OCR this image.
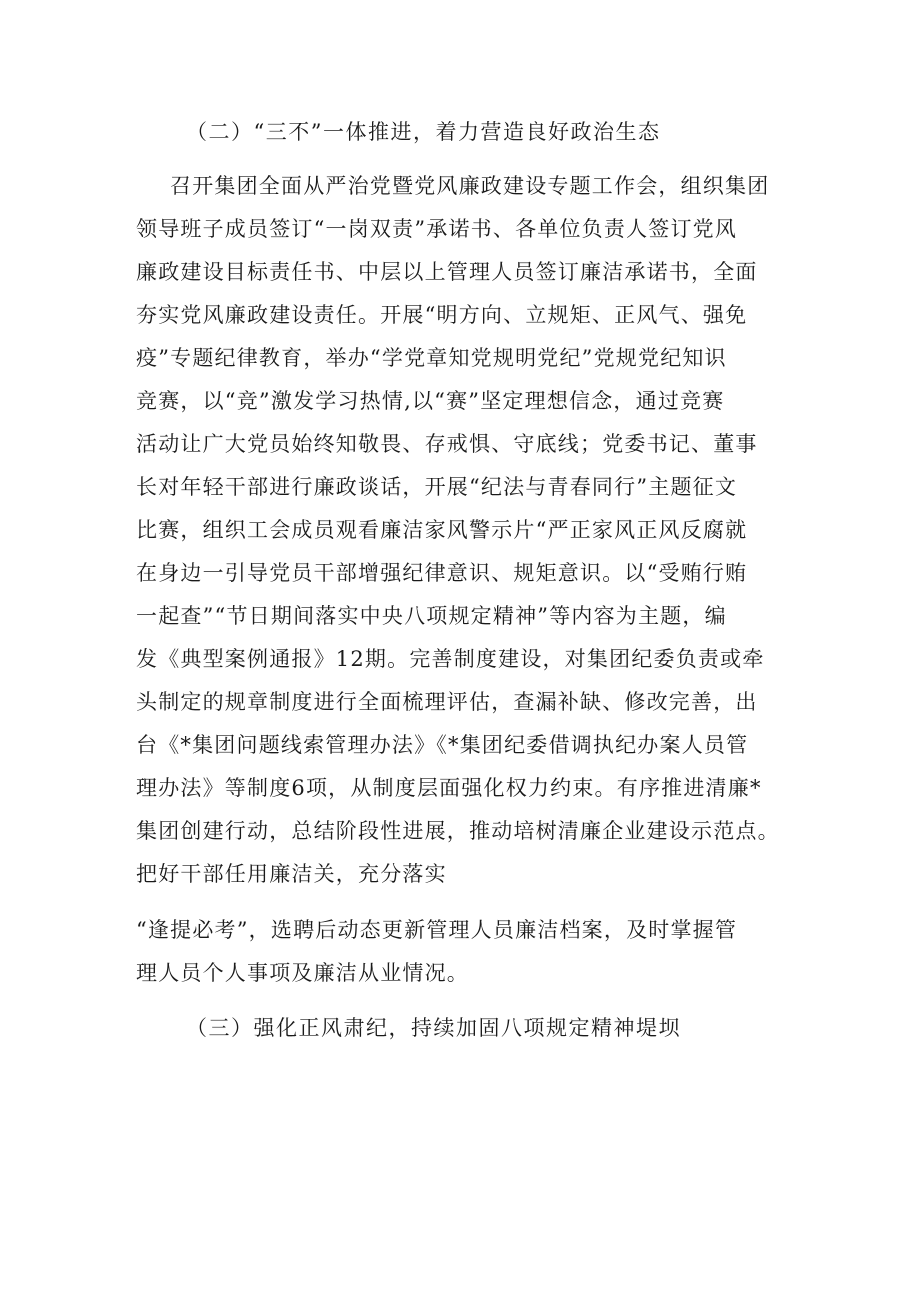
（二）“三不”一体推进，着力营造良好政治生态
召开集团全面从严治党暨党风廉政建设专题工作会，组织集团
领导班子成员签订“一岗双责”承诺书、各单位负责人签订党风
廉政建设目标责任书、中层以上管理人员签订廉洁承诺书，全面
夯实党风廉政建设责任。开展“明方向、立规矩、正风气、强免
疫”专题纪律教育，举办“学党章知党规明党纪”党规党纪知识
竞赛，以“竞”激发学习热情,以“赛”坚定理想信念，通过竞赛
活动让广大党员始终知敬畏、存戒惧、守底线；党委书记、董事
长对年轻干部进行廉政谈话，开展“纪法与青春同行”主题征文
比赛，组织工会成员观看廉洁家风警示片“严正家风正风反腐就
在身边一引导党员干部增强纪律意识、规矩意识。以“受贿行贿
一起查”“节日期间落实中央八项规定精神”等内容为主题，编
发《典型案例通报》12期。完善制度建设，对集团纪委负责或牵
头制定的规章制度进行全面梳理评估，查漏补缺、修改完善，出
台《*集团问题线索管理办法》《*集团纪委借调执纪办案人员管
理办法》等制度6项，从制度层面强化权力约束。有序推进清廉*
集团创建行动，总结阶段性进展，推动培树清廉企业建设示范点。
把好干部任用廉洁关，充分落实
“逢提必考”，选聘后动态更新管理人员廉洁档案，及时掌握管
理人员个人事项及廉洁从业情况。
（三）强化正风肃纪，持续加固八项规定精神堤坝
